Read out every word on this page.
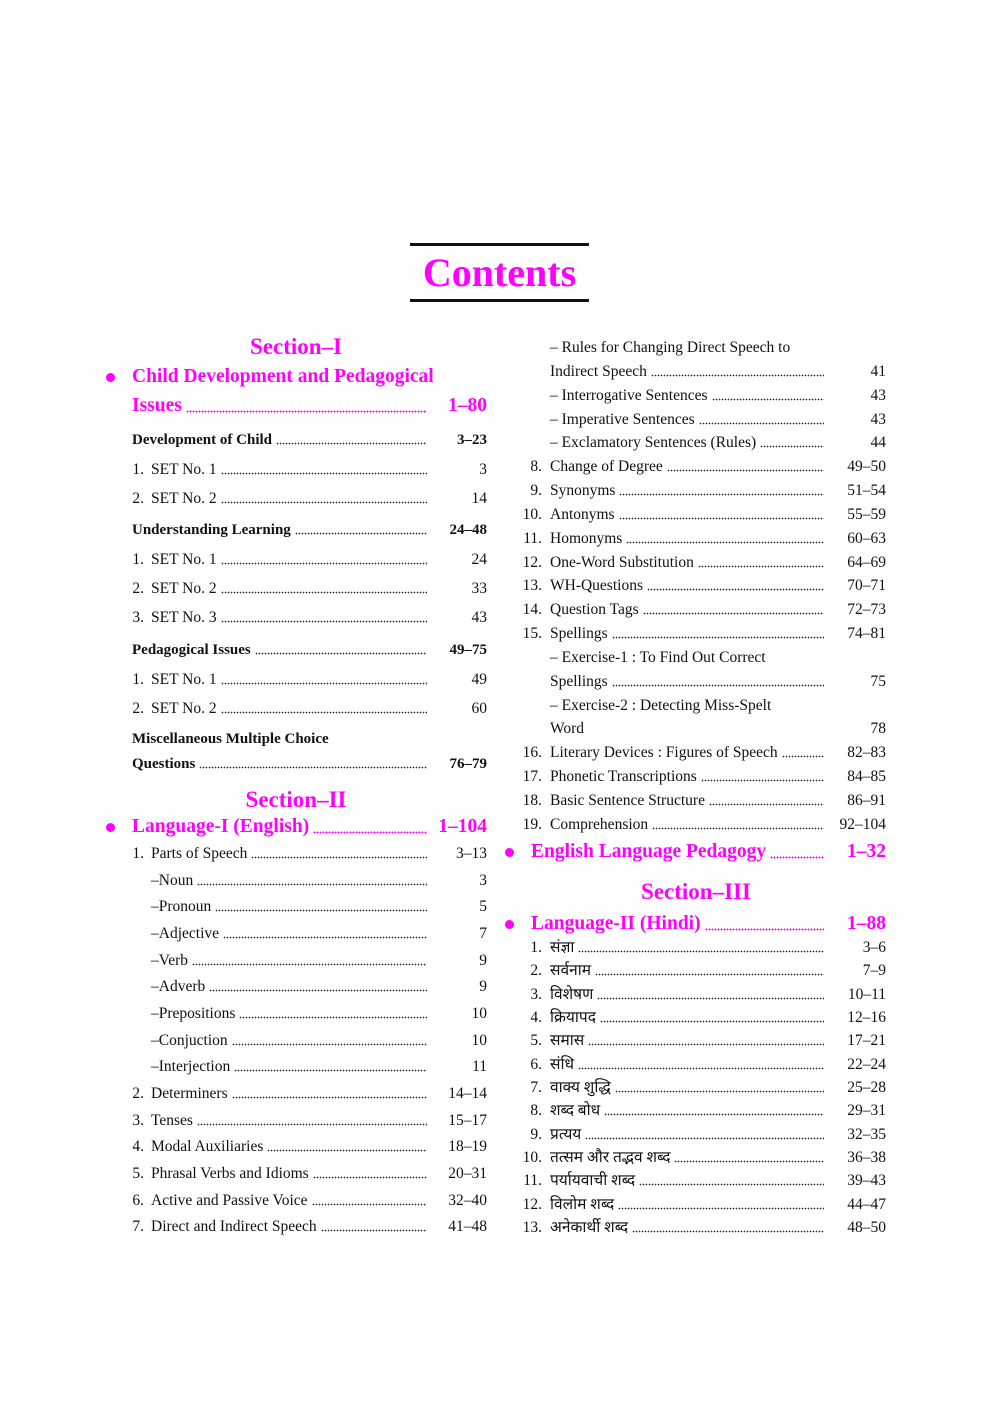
Contents
Section–I
Child Development and Pedagogical
Issues	1–80
Development of Child	3–23
1. SET No. 1	3
2. SET No. 2	14
Understanding Learning	24–48
1. SET No. 1	24
2. SET No. 2	33
3. SET No. 3	43
Pedagogical Issues	49–75
1. SET No. 1	49
2. SET No. 2	60
Miscellaneous Multiple Choice
Questions	76–79
Section–II
Language-I (English)	1–104
1. Parts of Speech	3–13
–Noun	3
–Pronoun	5
–Adjective	7
–Verb	9
–Adverb	9
–Prepositions	10
–Conjuction	10
–Interjection	11
2. Determiners	14–14
3. Tenses	15–17
4. Modal Auxiliaries	18–19
5. Phrasal Verbs and Idioms	20–31
6. Active and Passive Voice	32–40
7. Direct and Indirect Speech	41–48
– Rules for Changing Direct Speech to
Indirect Speech	41
– Interrogative Sentences	43
– Imperative Sentences	43
– Exclamatory Sentences (Rules)	44
8. Change of Degree	49–50
9. Synonyms	51–54
10. Antonyms	55–59
11. Homonyms	60–63
12. One-Word Substitution	64–69
13. WH-Questions	70–71
14. Question Tags	72–73
15. Spellings	74–81
– Exercise-1 : To Find Out Correct
Spellings	75
– Exercise-2 : Detecting Miss-Spelt
Word	78
16. Literary Devices : Figures of Speech	82–83
17. Phonetic Transcriptions	84–85
18. Basic Sentence Structure	86–91
19. Comprehension	92–104
English Language Pedagogy	1–32
Section–III
Language-II (Hindi)	1–88
1. संज्ञा	3–6
2. सर्वनाम	7–9
3. विशेषण	10–11
4. क्रियापद	12–16
5. समास	17–21
6. संधि	22–24
7. वाक्य शुद्धि	25–28
8. शब्द बोध	29–31
9. प्रत्यय	32–35
10. तत्सम और तद्भव शब्द	36–38
11. पर्यायवाची शब्द	39–43
12. विलोम शब्द	44–47
13. अनेकार्थी शब्द	48–50
